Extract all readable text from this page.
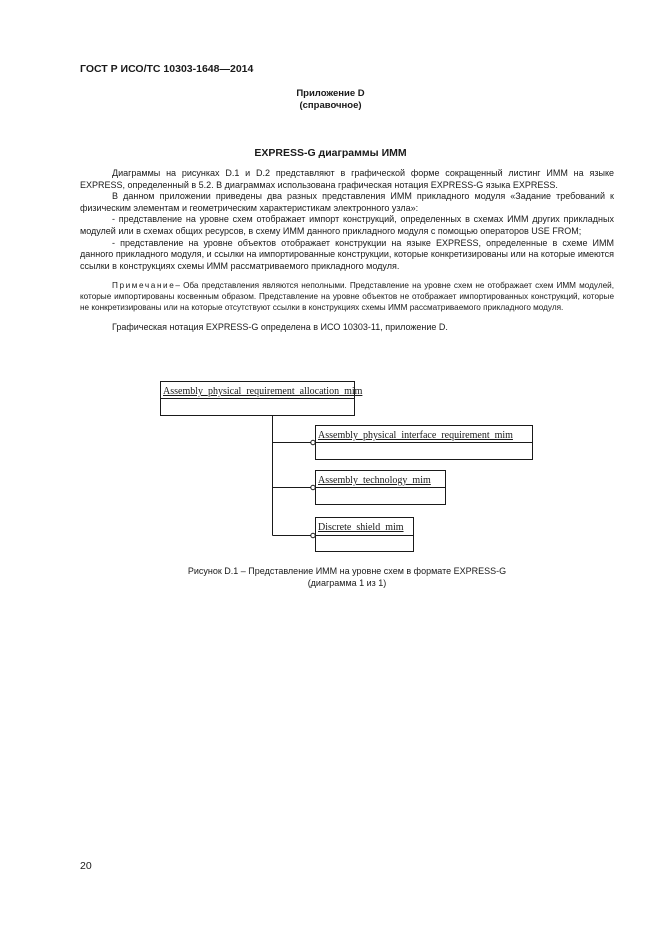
ГОСТ Р ИСО/ТС 10303-1648—2014
Приложение D
(справочное)
EXPRESS-G диаграммы ИММ

Диаграммы на рисунках D.1 и D.2 представляют в графической форме сокращенный листинг ИММ на языке EXPRESS, определенный в 5.2. В диаграммах использована графическая нотация EXPRESS-G языка EXPRESS.

В данном приложении приведены два разных представления ИММ прикладного модуля «Задание требований к физическим элементам и геометрическим характеристикам электронного узла»:

- представление на уровне схем отображает импорт конструкций, определенных в схемах ИММ других прикладных модулей или в схемах общих ресурсов, в схему ИММ данного прикладного модуля с помощью операторов USE FROM;

- представление на уровне объектов отображает конструкции на языке EXPRESS, определенные в схеме ИММ данного прикладного модуля, и ссылки на импортированные конструкции, которые конкретизированы или на которые имеются ссылки в конструкциях схемы ИММ рассматриваемого прикладного модуля.

Примечание– Оба представления являются неполными. Представление на уровне схем не отображает схем ИММ модулей, которые импортированы косвенным образом. Представление на уровне объектов не отображает импортированных конструкций, которые не конкретизированы или на которые отсутствуют ссылки в конструкциях схемы ИММ рассматриваемого прикладного модуля.

Графическая нотация EXPRESS-G определена в ИСО 10303-11, приложение D.

Assembly_physical_requirement_allocation_mim
Assembly_physical_interface_requirement_mim
Assembly_technology_mim
Discrete_shield_mim
Рисунок D.1 – Представление ИММ на уровне схем в формате EXPRESS-G
(диаграмма 1 из 1)
20
